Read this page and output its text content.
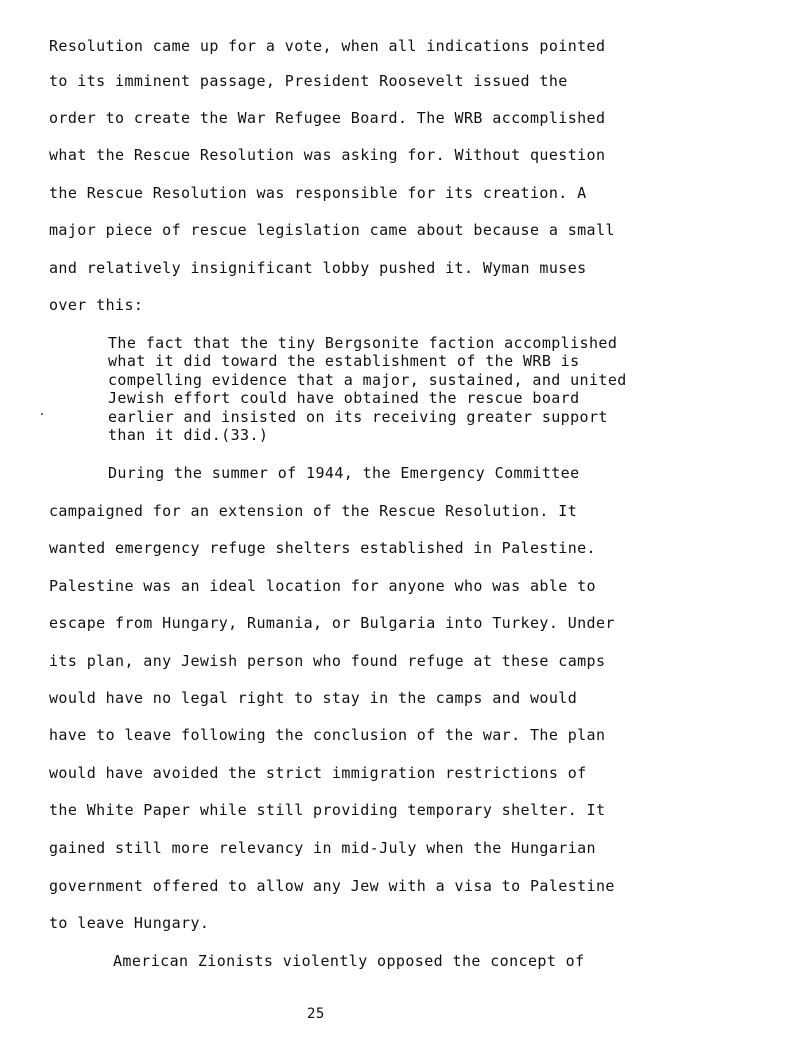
Resolution came up for a vote, when all indications pointed
to its imminent passage, President Roosevelt issued the
order to create the War Refugee Board. The WRB accomplished
what the Rescue Resolution was asking for. Without question
the Rescue Resolution was responsible for its creation. A
major piece of rescue legislation came about because a small
and relatively insignificant lobby pushed it. Wyman muses
over this:
The fact that the tiny Bergsonite faction accomplished
what it did toward the establishment of the WRB is
compelling evidence that a major, sustained, and united
Jewish effort could have obtained the rescue board
earlier and insisted on its receiving greater support
than it did.(33.)
During the summer of 1944, the Emergency Committee
campaigned for an extension of the Rescue Resolution. It
wanted emergency refuge shelters established in Palestine.
Palestine was an ideal location for anyone who was able to
escape from Hungary, Rumania, or Bulgaria into Turkey. Under
its plan, any Jewish person who found refuge at these camps
would have no legal right to stay in the camps and would
have to leave following the conclusion of the war. The plan
would have avoided the strict immigration restrictions of
the White Paper while still providing temporary shelter. It
gained still more relevancy in mid-July when the Hungarian
government offered to allow any Jew with a visa to Palestine
to leave Hungary.
American Zionists violently opposed the concept of
25
